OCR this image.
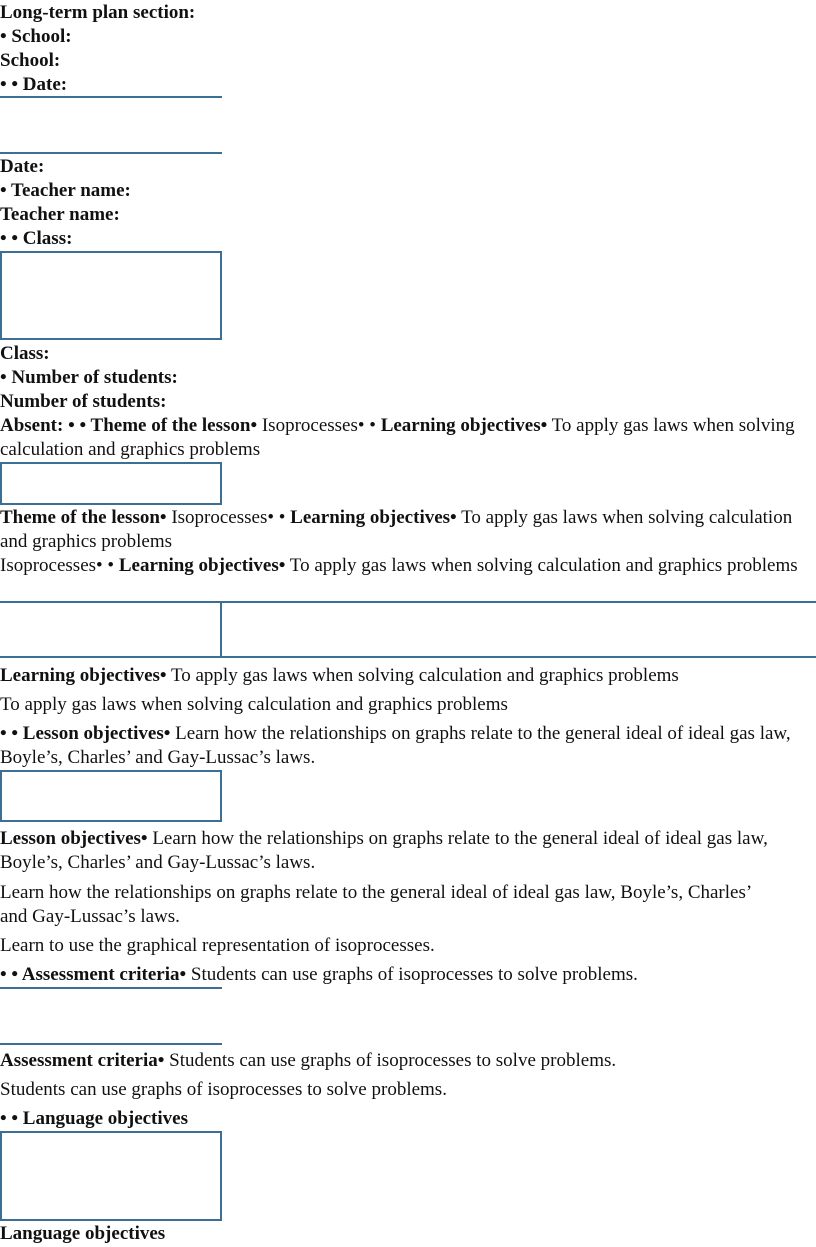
Long-term plan section:
• School:
School:
• • Date:
Date:
• Teacher name:
Teacher name:
• • Class:
Class:
• Number of students:
Number of students:
Absent: • • Theme of the lesson• Isoprocesses• • Learning objectives• To apply gas laws when solving calculation and graphics problems
Theme of the lesson• Isoprocesses• • Learning objectives• To apply gas laws when solving calculation and graphics problems
Isoprocesses• • Learning objectives• To apply gas laws when solving calculation and graphics problems
Learning objectives• To apply gas laws when solving calculation and graphics problems
To apply gas laws when solving calculation and graphics problems
• • Lesson objectives• Learn how the relationships on graphs relate to the general ideal of ideal gas law, Boyle’s, Charles’ and Gay-Lussac’s laws.
Lesson objectives• Learn how the relationships on graphs relate to the general ideal of ideal gas law, Boyle’s, Charles’ and Gay-Lussac’s laws.
Learn how the relationships on graphs relate to the general ideal of ideal gas law, Boyle’s, Charles’ and Gay-Lussac’s laws.
Learn to use the graphical representation of isoprocesses.
• • Assessment criteria• Students can use graphs of isoprocesses to solve problems.
Assessment criteria• Students can use graphs of isoprocesses to solve problems.
Students can use graphs of isoprocesses to solve problems.
• • Language objectives
Language objectives
